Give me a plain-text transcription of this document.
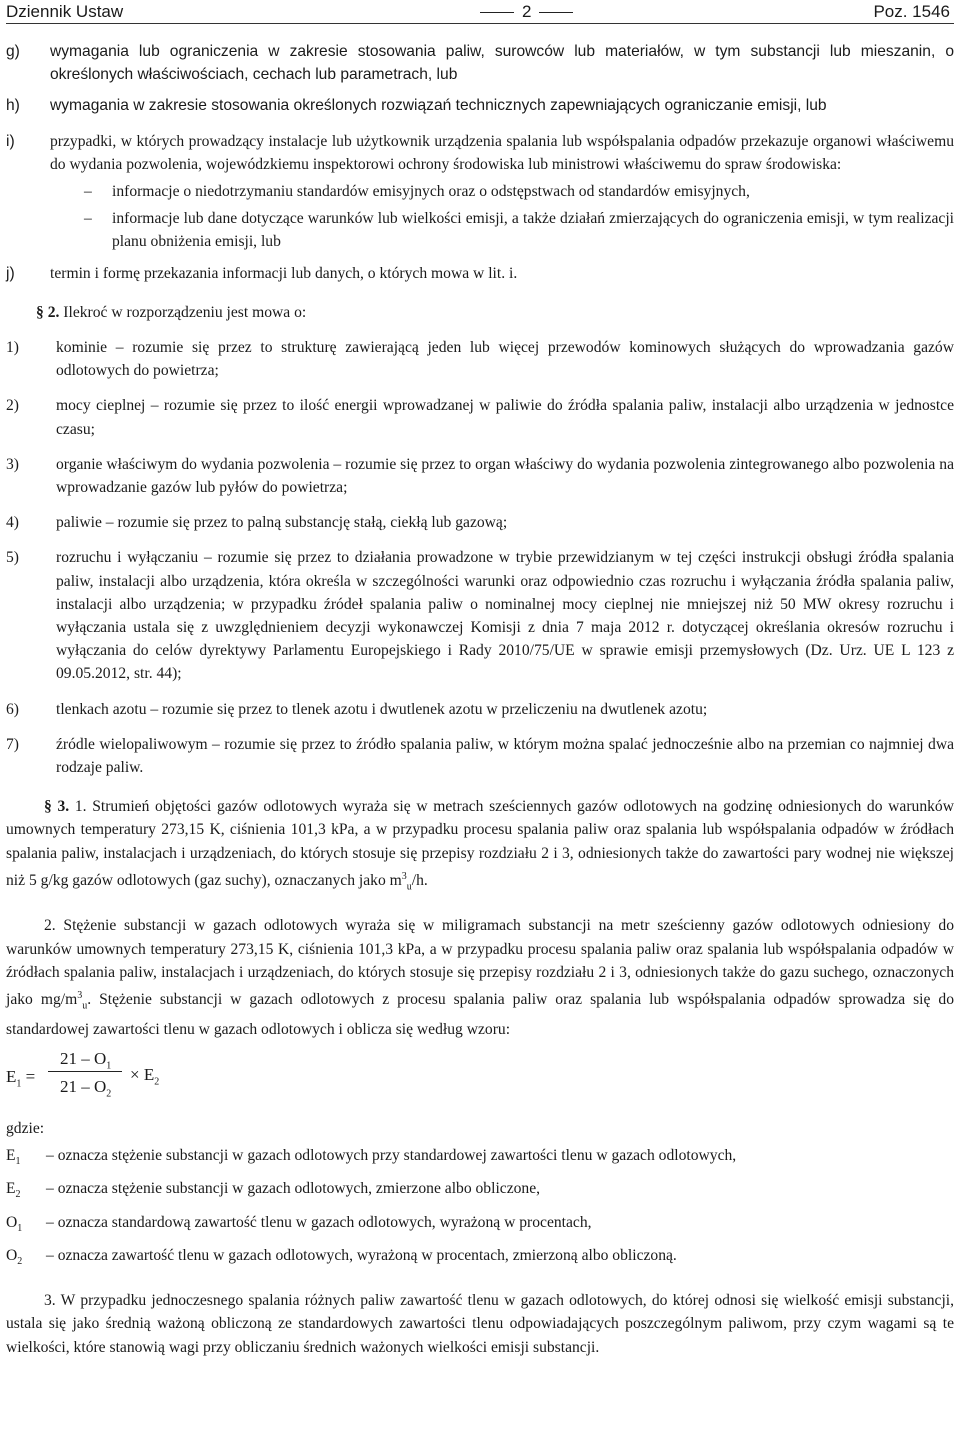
Dziennik Ustaw	2	Poz. 1546
g)	wymagania lub ograniczenia w zakresie stosowania paliw, surowców lub materiałów, w tym substancji lub mieszanin, o określonych właściwościach, cechach lub parametrach, lub
h)	wymagania w zakresie stosowania określonych rozwiązań technicznych zapewniających ograniczanie emisji, lub
i)	przypadki, w których prowadzący instalacje lub użytkownik urządzenia spalania lub współspalania odpadów przekazuje organowi właściwemu do wydania pozwolenia, wojewódzkiemu inspektorowi ochrony środowiska lub ministrowi właściwemu do spraw środowiska:
–	informacje o niedotrzymaniu standardów emisyjnych oraz o odstępstwach od standardów emisyjnych,
–	informacje lub dane dotyczące warunków lub wielkości emisji, a także działań zmierzających do ograniczenia emisji, w tym realizacji planu obniżenia emisji, lub
j)	termin i formę przekazania informacji lub danych, o których mowa w lit. i.

§ 2. Ilekroć w rozporządzeniu jest mowa o:

1)	kominie – rozumie się przez to strukturę zawierającą jeden lub więcej przewodów kominowych służących do wprowadzania gazów odlotowych do powietrza;
2)	mocy cieplnej – rozumie się przez to ilość energii wprowadzanej w paliwie do źródła spalania paliw, instalacji albo urządzenia w jednostce czasu;
3)	organie właściwym do wydania pozwolenia – rozumie się przez to organ właściwy do wydania pozwolenia zintegrowanego albo pozwolenia na wprowadzanie gazów lub pyłów do powietrza;
4)	paliwie – rozumie się przez to palną substancję stałą, ciekłą lub gazową;
5)	rozruchu i wyłączaniu – rozumie się przez to działania prowadzone w trybie przewidzianym w tej części instrukcji obsługi źródła spalania paliw, instalacji albo urządzenia, która określa w szczególności warunki oraz odpowiednio czas rozruchu i wyłączania źródła spalania paliw, instalacji albo urządzenia; w przypadku źródeł spalania paliw o nominalnej mocy cieplnej nie mniejszej niż 50 MW okresy rozruchu i wyłączania ustala się z uwzględnieniem decyzji wykonawczej Komisji z dnia 7 maja 2012 r. dotyczącej określania okresów rozruchu i wyłączania do celów dyrektywy Parlamentu Europejskiego i Rady 2010/75/UE w sprawie emisji przemysłowych (Dz. Urz. UE L 123 z 09.05.2012, str. 44);
6)	tlenkach azotu – rozumie się przez to tlenek azotu i dwutlenek azotu w przeliczeniu na dwutlenek azotu;
7)	źródle wielopaliwowym – rozumie się przez to źródło spalania paliw, w którym można spalać jednocześnie albo na przemian co najmniej dwa rodzaje paliw.

§ 3. 1. Strumień objętości gazów odlotowych wyraża się w metrach sześciennych gazów odlotowych na godzinę odniesionych do warunków umownych temperatury 273,15 K, ciśnienia 101,3 kPa, a w przypadku procesu spalania paliw oraz spalania lub współspalania odpadów w źródłach spalania paliw, instalacjach i urządzeniach, do których stosuje się przepisy rozdziału 2 i 3, odniesionych także do zawartości pary wodnej nie większej niż 5 g/kg gazów odlotowych (gaz suchy), oznaczanych jako $m^3_u/h$.

2. Stężenie substancji w gazach odlotowych wyraża się w miligramach substancji na metr sześcienny gazów odlotowych odniesiony do warunków umownych temperatury 273,15 K, ciśnienia 101,3 kPa, a w przypadku procesu spalania paliw oraz spalania lub współspalania odpadów w źródłach spalania paliw, instalacjach i urządzeniach, do których stosuje się przepisy rozdziału 2 i 3, odniesionych także do gazu suchego, oznaczonych jako $mg/m^3_u$. Stężenie substancji w gazach odlotowych z procesu spalania paliw oraz spalania lub współspalania odpadów sprowadza się do standardowej zawartości tlenu w gazach odlotowych i oblicza się według wzoru:

$E_1$ =
$21 - O_1$
$21 - O_2$
× $E_2$
gdzie:
$E_1$	– oznacza stężenie substancji w gazach odlotowych przy standardowej zawartości tlenu w gazach odlotowych,
$E_2$	– oznacza stężenie substancji w gazach odlotowych, zmierzone albo obliczone,
$O_1$	– oznacza standardową zawartość tlenu w gazach odlotowych, wyrażoną w procentach,
$O_2$	– oznacza zawartość tlenu w gazach odlotowych, wyrażoną w procentach, zmierzoną albo obliczoną.

3. W przypadku jednoczesnego spalania różnych paliw zawartość tlenu w gazach odlotowych, do której odnosi się wielkość emisji substancji, ustala się jako średnią ważoną obliczoną ze standardowych zawartości tlenu odpowiadających poszczególnym paliwom, przy czym wagami są te wielkości, które stanowią wagi przy obliczaniu średnich ważonych wielkości emisji substancji.
